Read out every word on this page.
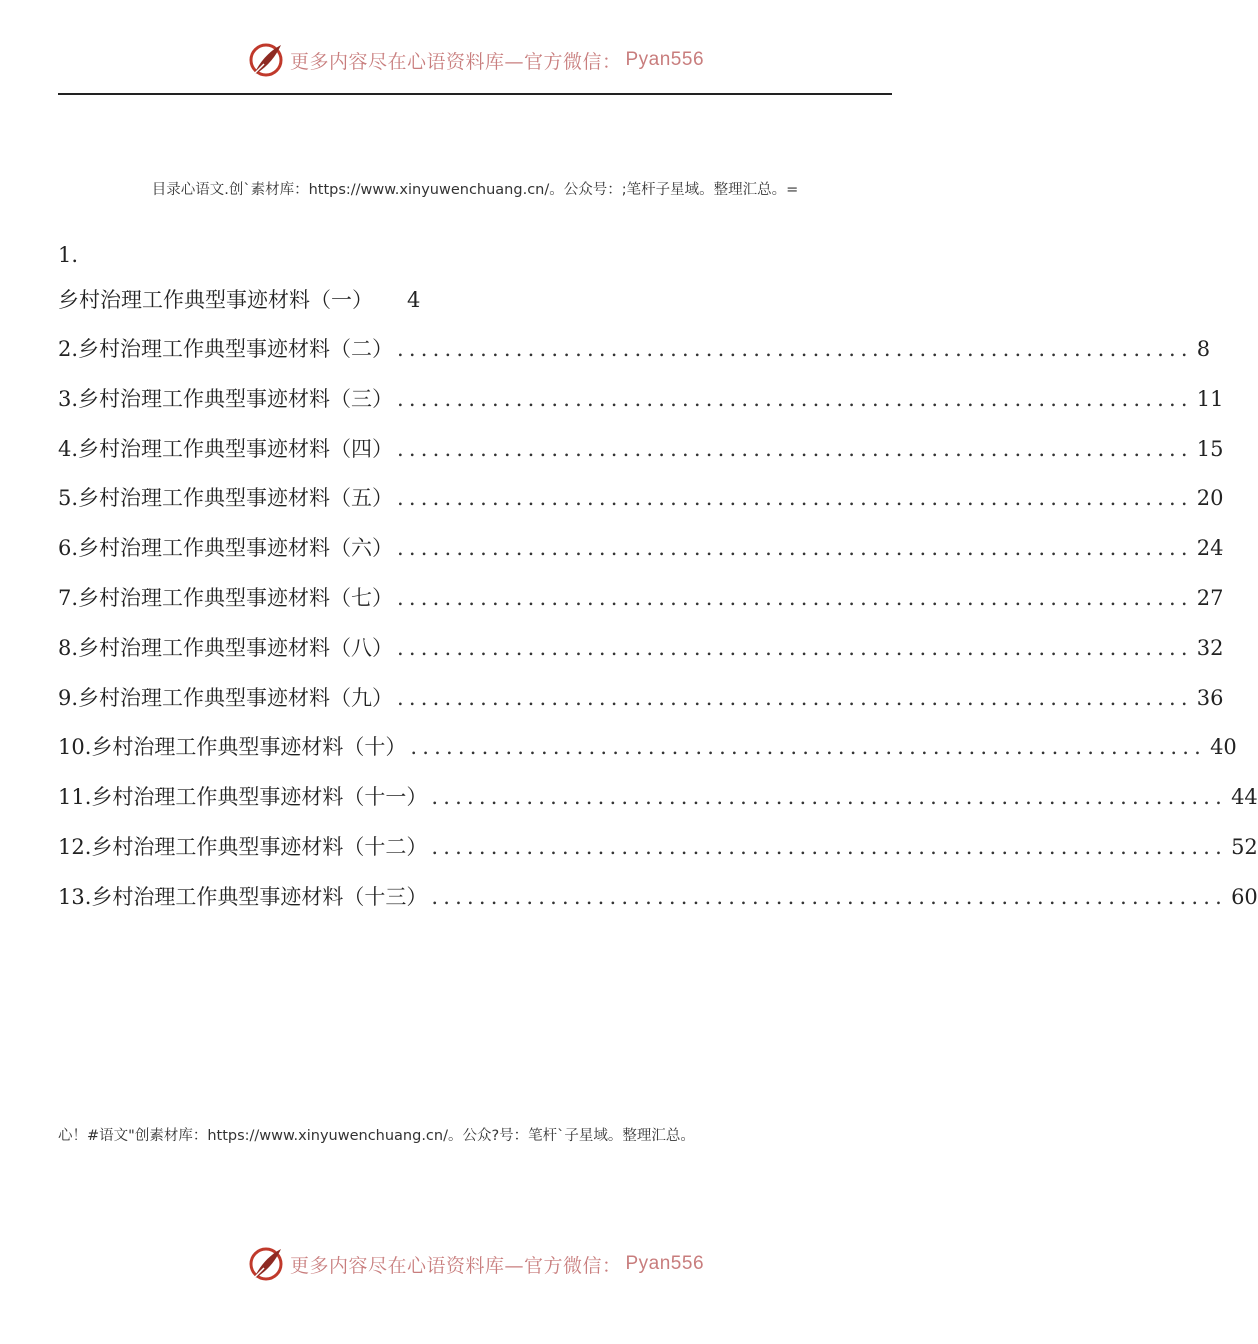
更多内容尽在心语资料库—官方微信： Pyan556
目录心语文.创`素材库：https://www.xinyuwenchuang.cn/。公众号：;笔杆子星域。整理汇总。=
1.
乡村治理工作典型事迹材料（一） 4
2.乡村治理工作典型事迹材料（二） ................................................................... 8
3.乡村治理工作典型事迹材料（三） ................................................................... 11
4.乡村治理工作典型事迹材料（四） ................................................................... 15
5.乡村治理工作典型事迹材料（五） ................................................................... 20
6.乡村治理工作典型事迹材料（六） ................................................................... 24
7.乡村治理工作典型事迹材料（七） ................................................................... 27
8.乡村治理工作典型事迹材料（八） ................................................................... 32
9.乡村治理工作典型事迹材料（九） ................................................................... 36
10.乡村治理工作典型事迹材料（十） ................................................................... 40
11.乡村治理工作典型事迹材料（十一） ................................................................... 44
12.乡村治理工作典型事迹材料（十二） ................................................................... 52
13.乡村治理工作典型事迹材料（十三） ................................................................... 60
心！#语文"创素材库：https://www.xinyuwenchuang.cn/。公众?号：笔杆`子星域。整理汇总。
更多内容尽在心语资料库—官方微信： Pyan556
